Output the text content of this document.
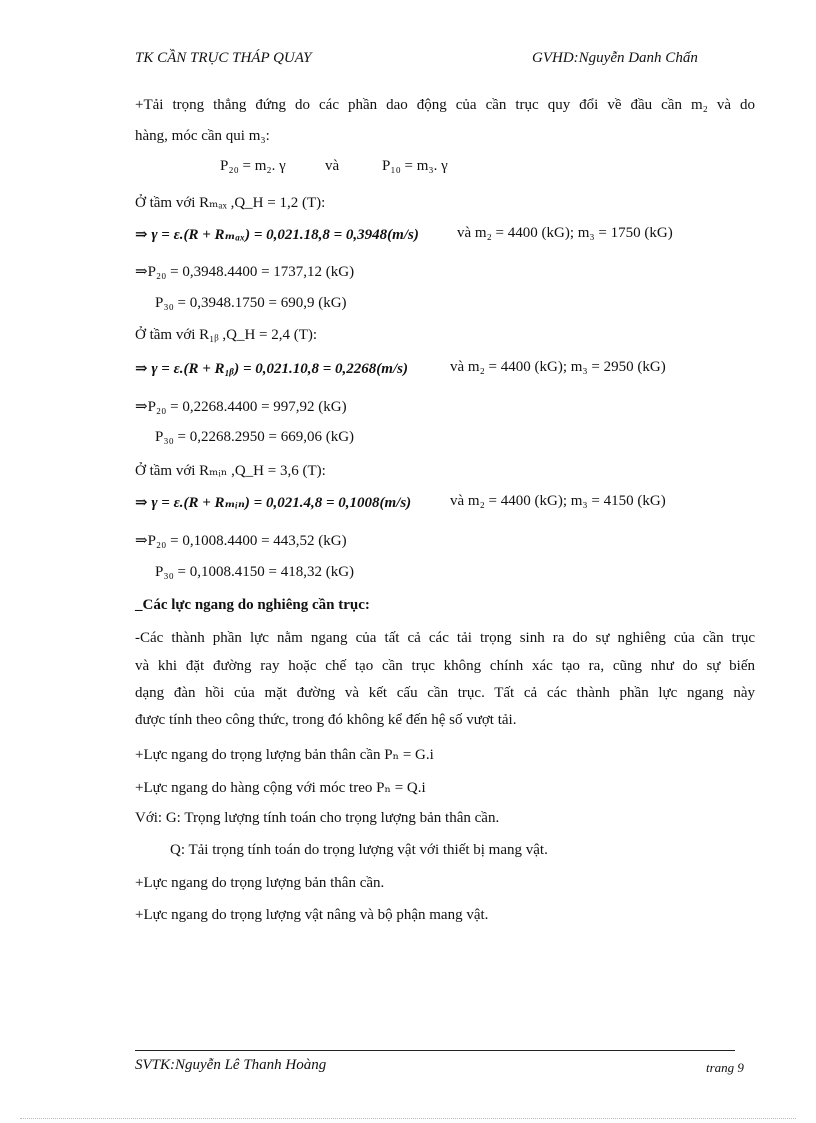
TK CẦN TRỤC THÁP QUAY	GVHD:Nguyễn Danh Chấn
+Tải trọng thẳng đứng do các phần dao động của cần trục quy đổi về đầu cần m₂ và do
hàng, móc cần qui m₃:
P₂₀ = m₂. γ	và	P₁₀ = m₃. γ
Ở tầm với Rₘₐₓ ,Q_H = 1,2 (T):
⇒ γ = ε.(R + Rₘₐₓ) = 0,021.18,8 = 0,3948(m/s)	và m₂ = 4400 (kG); m₃ = 1750 (kG)
⇒P₂₀ = 0,3948.4400 = 1737,12 (kG)
P₃₀ = 0,3948.1750 = 690,9 (kG)
Ở tầm với R₁ᵦ ,Q_H = 2,4 (T):
⇒ γ = ε.(R + R₁ᵦ) = 0,021.10,8 = 0,2268(m/s)	và m₂ = 4400 (kG); m₃ = 2950 (kG)
⇒P₂₀ = 0,2268.4400 = 997,92 (kG)
P₃₀ = 0,2268.2950 = 669,06 (kG)
Ở tầm với Rₘᵢₙ ,Q_H = 3,6 (T):
⇒ γ = ε.(R + Rₘᵢₙ) = 0,021.4,8 = 0,1008(m/s)	và m₂ = 4400 (kG); m₃ = 4150 (kG)
⇒P₂₀ = 0,1008.4400 = 443,52 (kG)
P₃₀ = 0,1008.4150 = 418,32 (kG)
_Các lực ngang do nghiêng cần trục:
-Các thành phần lực nằm ngang của tất cả các tải trọng sinh ra do sự nghiêng của cần trục
và khi đặt đường ray hoặc chế tạo cần trục không chính xác tạo ra, cũng như do sự biến
dạng đàn hồi của mặt đường và kết cấu cần trục. Tất cả các thành phần lực ngang này
được tính theo công thức, trong đó không kể đến hệ số vượt tải.
+Lực ngang do trọng lượng bản thân cần Pₙ = G.i
+Lực ngang do hàng cộng với móc treo Pₙ = Q.i
Với: G: Trọng lượng tính toán cho trọng lượng bản thân cần.
Q: Tải trọng tính toán do trọng lượng vật với thiết bị mang vật.
+Lực ngang do trọng lượng bản thân cần.
+Lực ngang do trọng lượng vật nâng và bộ phận mang vật.
SVTK:Nguyễn Lê Thanh Hoàng	trang 9
